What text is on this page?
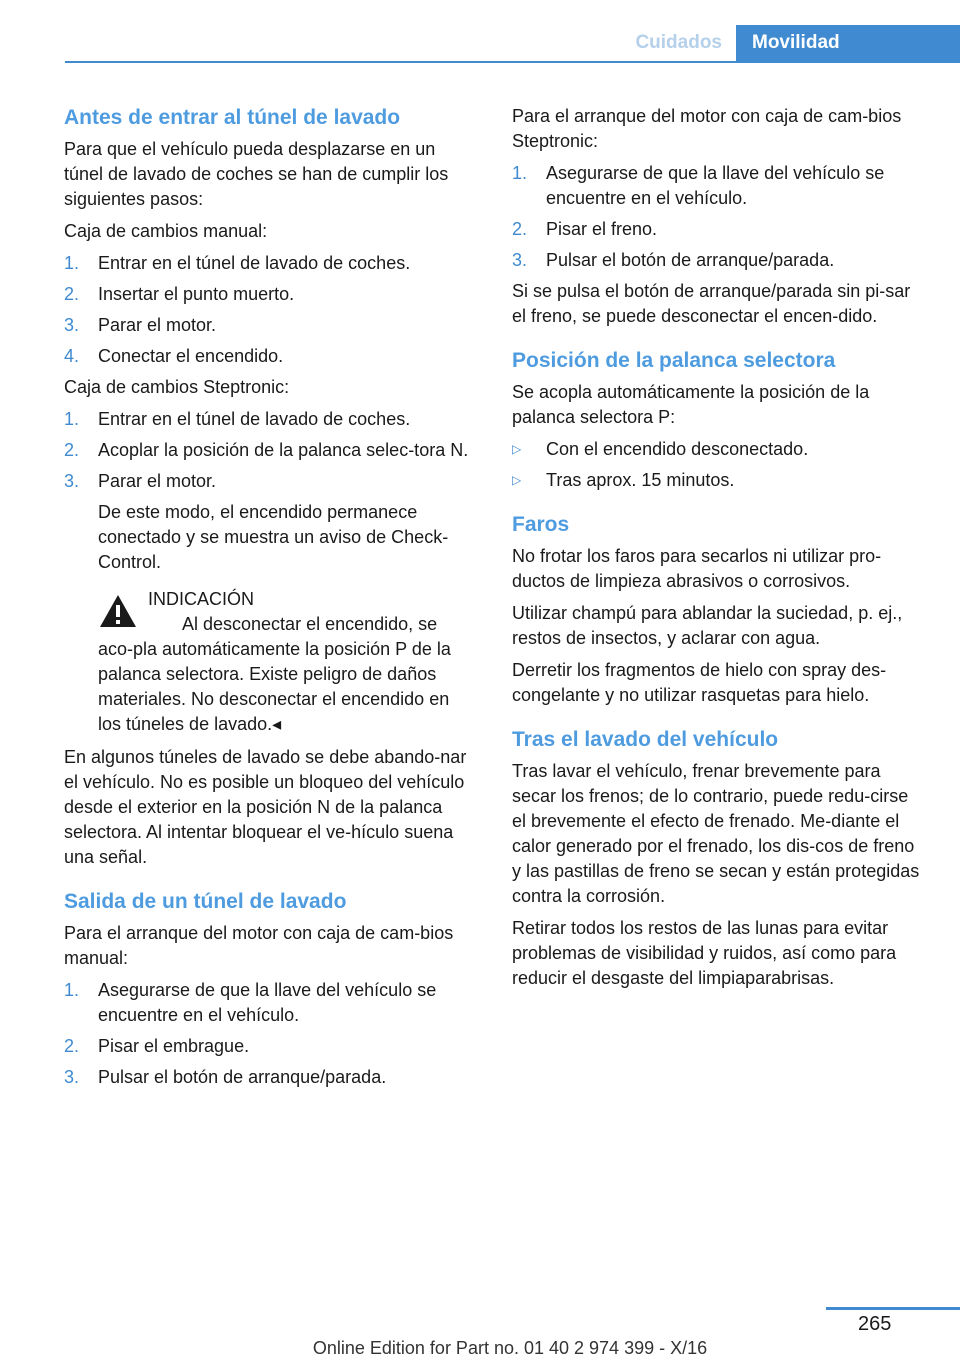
Cuidados	Movilidad
Antes de entrar al túnel de lavado

Para que el vehículo pueda desplazarse en un túnel de lavado de coches se han de cumplir los siguientes pasos:

Caja de cambios manual:

1.	Entrar en el túnel de lavado de coches.
2.	Insertar el punto muerto.
3.	Parar el motor.
4.	Conectar el encendido.

Caja de cambios Steptronic:

1.	Entrar en el túnel de lavado de coches.
2.	Acoplar la posición de la palanca selec-tora N.
3.	Parar el motor.

De este modo, el encendido permanece conectado y se muestra un aviso de Check-Control.

INDICACIÓN
Al desconectar el encendido, se aco-pla automáticamente la posición P de la palanca selectora. Existe peligro de daños materiales. No desconectar el encendido en los túneles de lavado.◂

En algunos túneles de lavado se debe abando-nar el vehículo. No es posible un bloqueo del vehículo desde el exterior en la posición N de la palanca selectora. Al intentar bloquear el ve-hículo suena una señal.

Salida de un túnel de lavado

Para el arranque del motor con caja de cam-bios manual:

1.	Asegurarse de que la llave del vehículo se encuentre en el vehículo.
2.	Pisar el embrague.
3.	Pulsar el botón de arranque/parada.

Para el arranque del motor con caja de cam-bios Steptronic:

1.	Asegurarse de que la llave del vehículo se encuentre en el vehículo.
2.	Pisar el freno.
3.	Pulsar el botón de arranque/parada.

Si se pulsa el botón de arranque/parada sin pi-sar el freno, se puede desconectar el encen-dido.

Posición de la palanca selectora

Se acopla automáticamente la posición de la palanca selectora P:

▷	Con el encendido desconectado.
▷	Tras aprox. 15 minutos.
Faros

No frotar los faros para secarlos ni utilizar pro-ductos de limpieza abrasivos o corrosivos.

Utilizar champú para ablandar la suciedad, p. ej., restos de insectos, y aclarar con agua.

Derretir los fragmentos de hielo con spray des-congelante y no utilizar rasquetas para hielo.

Tras el lavado del vehículo

Tras lavar el vehículo, frenar brevemente para secar los frenos; de lo contrario, puede redu-cirse el brevemente el efecto de frenado. Me-diante el calor generado por el frenado, los dis-cos de freno y las pastillas de freno se secan y están protegidas contra la corrosión.

Retirar todos los restos de las lunas para evitar problemas de visibilidad y ruidos, así como para reducir el desgaste del limpiaparabrisas.

265
Online Edition for Part no. 01 40 2 974 399 - X/16
